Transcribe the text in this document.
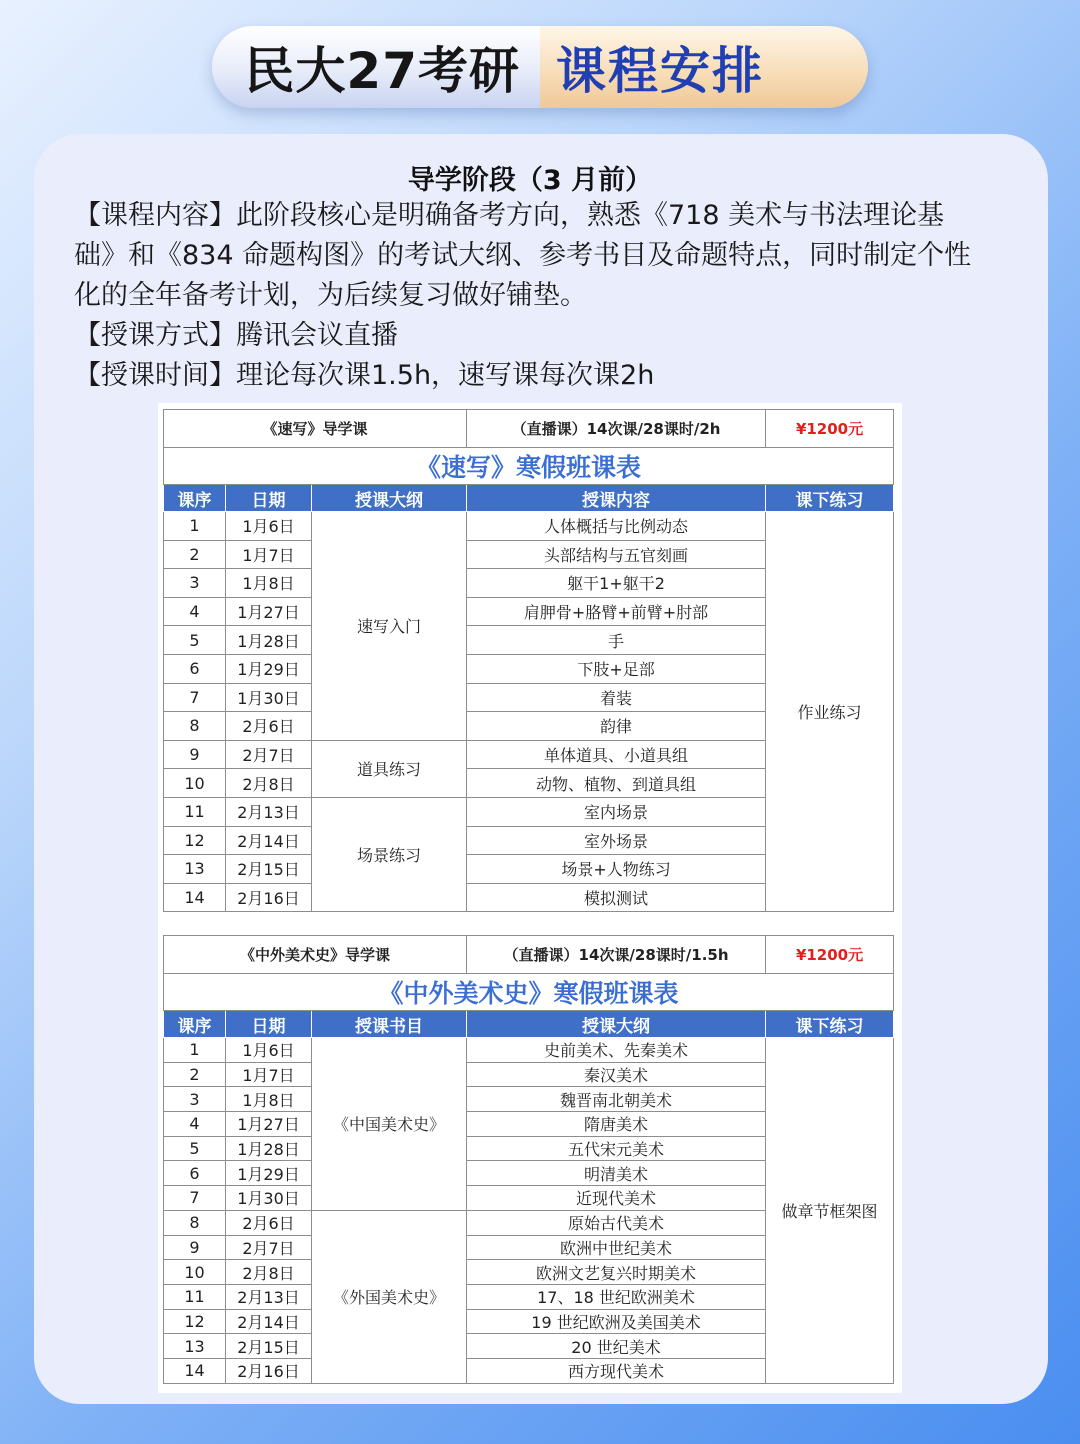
民大27考研 课程安排
导学阶段（3 月前）
【课程内容】此阶段核心是明确备考方向，熟悉《718 美术与书法理论基
础》和《834 命题构图》的考试大纲、参考书目及命题特点，同时制定个性
化的全年备考计划，为后续复习做好铺垫。
【授课方式】腾讯会议直播
【授课时间】理论每次课1.5h，速写课每次课2h
《速写》导学课			（直播课）14次课/28课时/2h	¥1200元
《速写》寒假班课表				
课序	日期	授课大纲	授课内容	课下练习
1	1月6日	速写入门	人体概括与比例动态	作业练习
2	1月7日		头部结构与五官刻画	
3	1月8日		躯干1+躯干2	
4	1月27日		肩胛骨+胳臂+前臂+肘部	
5	1月28日		手	
6	1月29日		下肢+足部	
7	1月30日		着装	
8	2月6日		韵律	
9	2月7日	道具练习	单体道具、小道具组	
10	2月8日		动物、植物、到道具组	
11	2月13日	场景练习	室内场景	
12	2月14日		室外场景	
13	2月15日		场景+人物练习	
14	2月16日		模拟测试	
《中外美术史》导学课			（直播课）14次课/28课时/1.5h	¥1200元
《中外美术史》寒假班课表				
课序	日期	授课书目	授课大纲	课下练习
1	1月6日	《中国美术史》	史前美术、先秦美术	做章节框架图
2	1月7日		秦汉美术	
3	1月8日		魏晋南北朝美术	
4	1月27日		隋唐美术	
5	1月28日		五代宋元美术	
6	1月29日		明清美术	
7	1月30日		近现代美术	
8	2月6日	《外国美术史》	原始古代美术	
9	2月7日		欧洲中世纪美术	
10	2月8日		欧洲文艺复兴时期美术	
11	2月13日		17、18 世纪欧洲美术	
12	2月14日		19 世纪欧洲及美国美术	
13	2月15日		20 世纪美术	
14	2月16日		西方现代美术	
